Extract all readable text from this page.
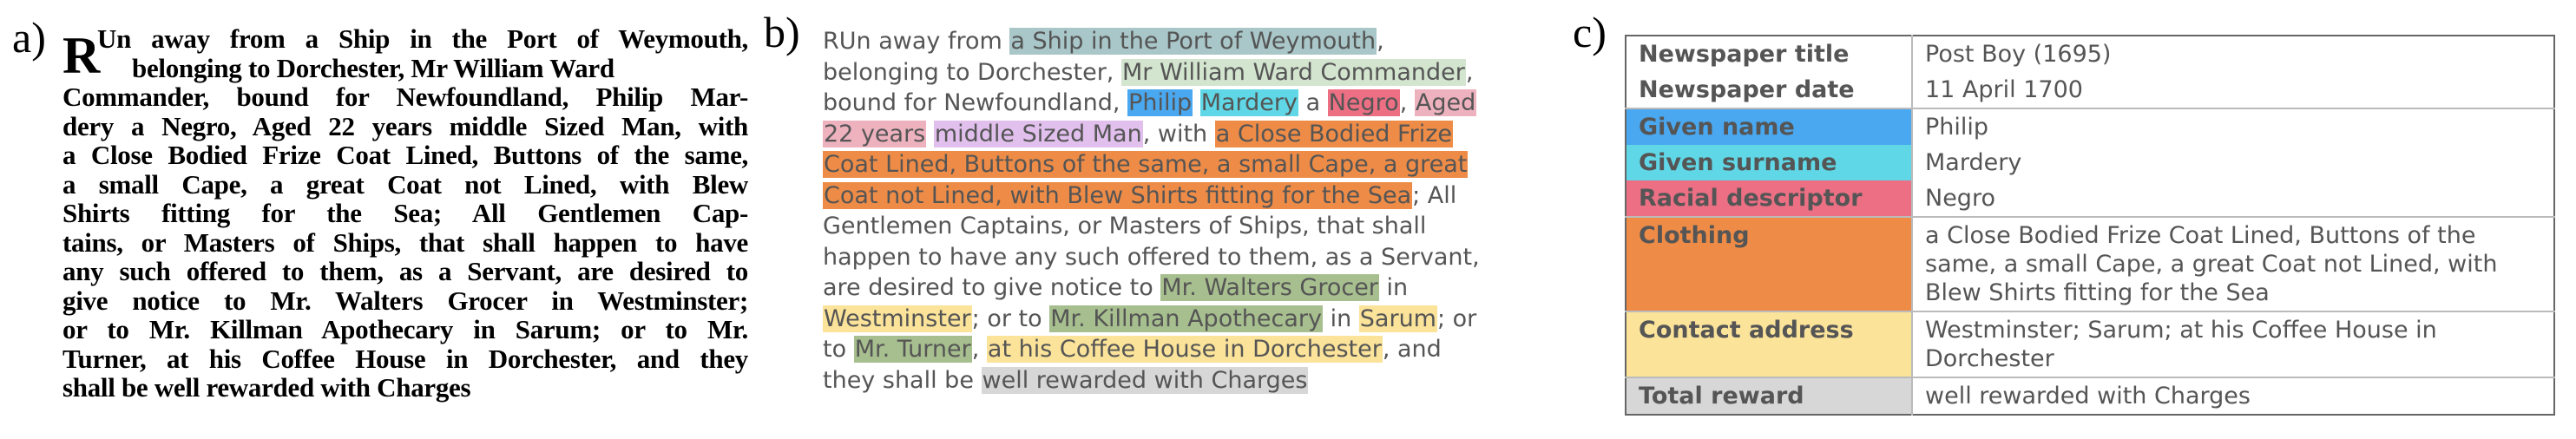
a)	b)	c)
R
Un away from a Ship in the Port of Weymouth,
belonging to Dorchester, Mr William Ward
Commander, bound for Newfoundland, Philip Mar-
dery a Negro, Aged 22 years middle Sized Man, with
a Close Bodied Frize Coat Lined, Buttons of the same,
a small Cape, a great Coat not Lined, with Blew
Shirts fitting for the Sea; All Gentlemen Cap-
tains, or Masters of Ships, that shall happen to have
any such offered to them, as a Servant, are desired to
give notice to Mr. Walters Grocer in Westminster;
or to Mr. Killman Apothecary in Sarum; or to Mr.
Turner, at his Coffee House in Dorchester, and they
shall be well rewarded with Charges
RUn away from a Ship in the Port of Weymouth,
belonging to Dorchester, Mr William Ward Commander,
bound for Newfoundland, Philip Mardery a Negro, Aged
22 years middle Sized Man, with a Close Bodied Frize
Coat Lined, Buttons of the same, a small Cape, a great
Coat not Lined, with Blew Shirts fitting for the Sea; All
Gentlemen Captains, or Masters of Ships, that shall
happen to have any such offered to them, as a Servant,
are desired to give notice to Mr. Walters Grocer in
Westminster; or to Mr. Killman Apothecary in Sarum; or
to Mr. Turner, at his Coffee House in Dorchester, and
they shall be well rewarded with Charges
Newspaper title	Post Boy (1695)
Newspaper date	11 April 1700
Given name	Philip
Given surname	Mardery
Racial descriptor	Negro
Clothing	a Close Bodied Frize Coat Lined, Buttons of the same, a small Cape, a great Coat not Lined, with Blew Shirts fitting for the Sea
Contact address	Westminster; Sarum; at his Coffee House in Dorchester
Total reward	well rewarded with Charges
